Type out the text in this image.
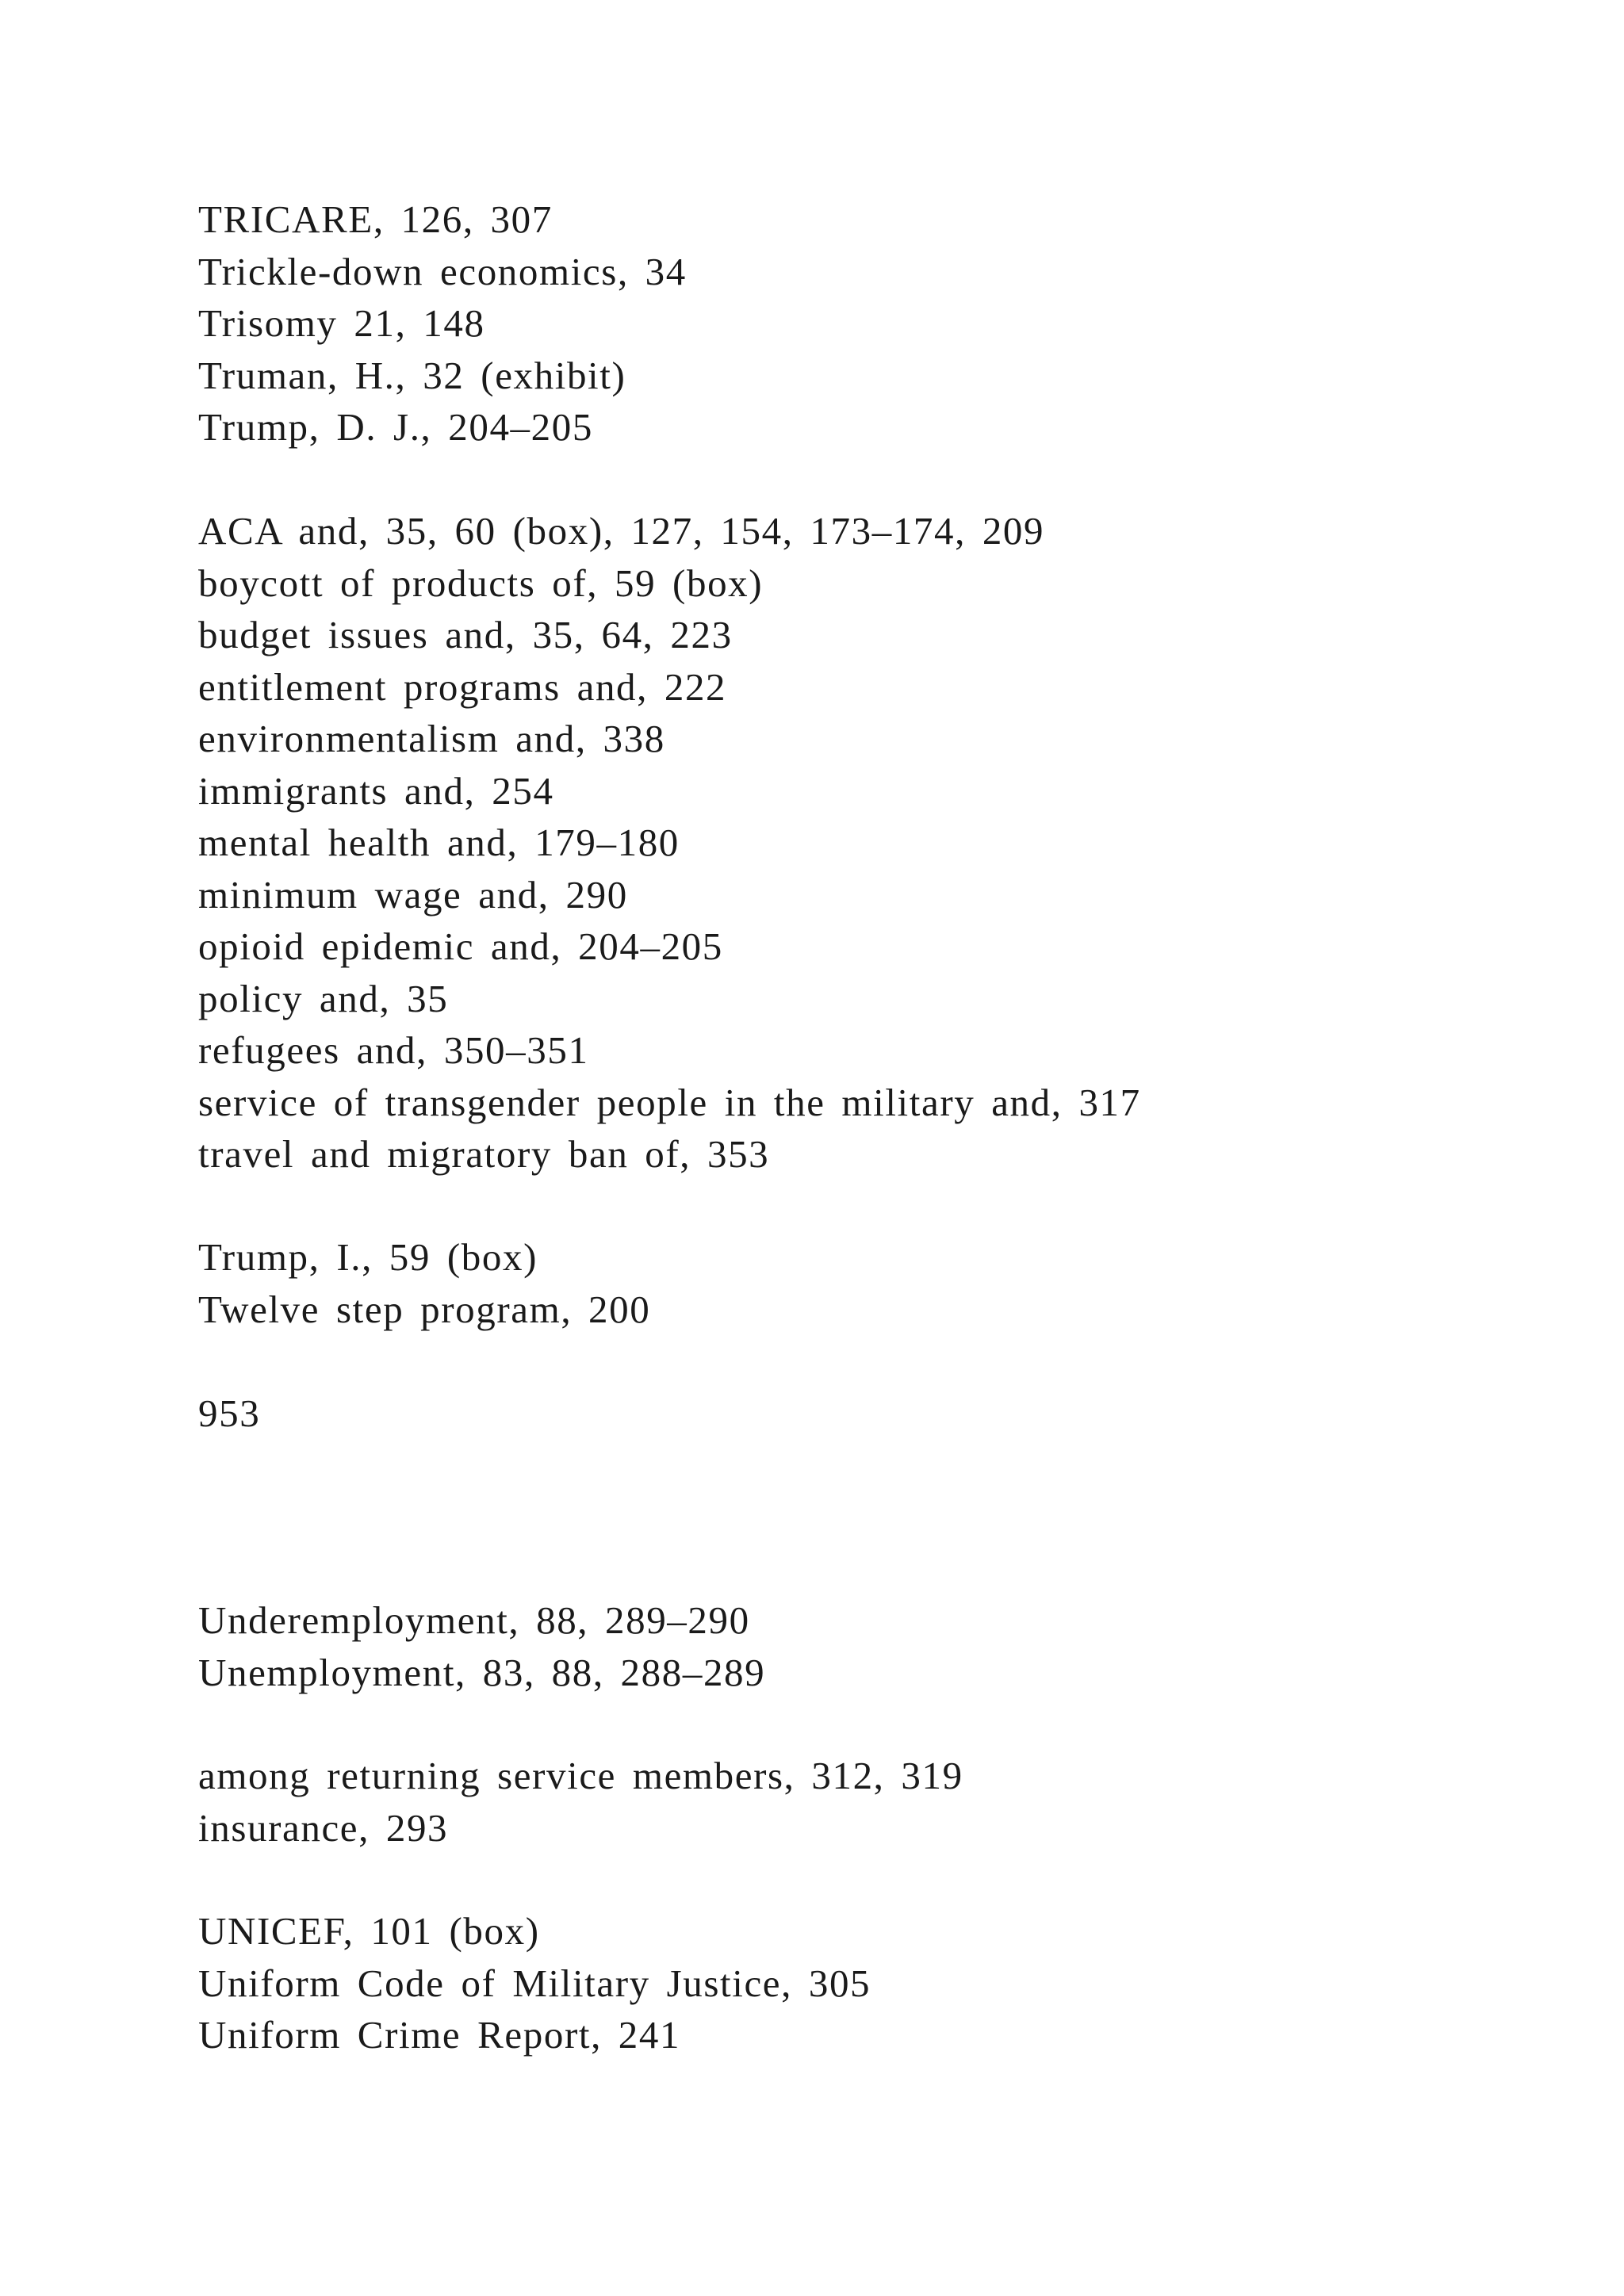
TRICARE, 126, 307
Trickle-down economics, 34
Trisomy 21, 148
Truman, H., 32 (exhibit)
Trump, D. J., 204–205
ACA and, 35, 60 (box), 127, 154, 173–174, 209
boycott of products of, 59 (box)
budget issues and, 35, 64, 223
entitlement programs and, 222
environmentalism and, 338
immigrants and, 254
mental health and, 179–180
minimum wage and, 290
opioid epidemic and, 204–205
policy and, 35
refugees and, 350–351
service of transgender people in the military and, 317
travel and migratory ban of, 353
Trump, I., 59 (box)
Twelve step program, 200
953
Underemployment, 88, 289–290
Unemployment, 83, 88, 288–289
among returning service members, 312, 319
insurance, 293
UNICEF, 101 (box)
Uniform Code of Military Justice, 305
Uniform Crime Report, 241
